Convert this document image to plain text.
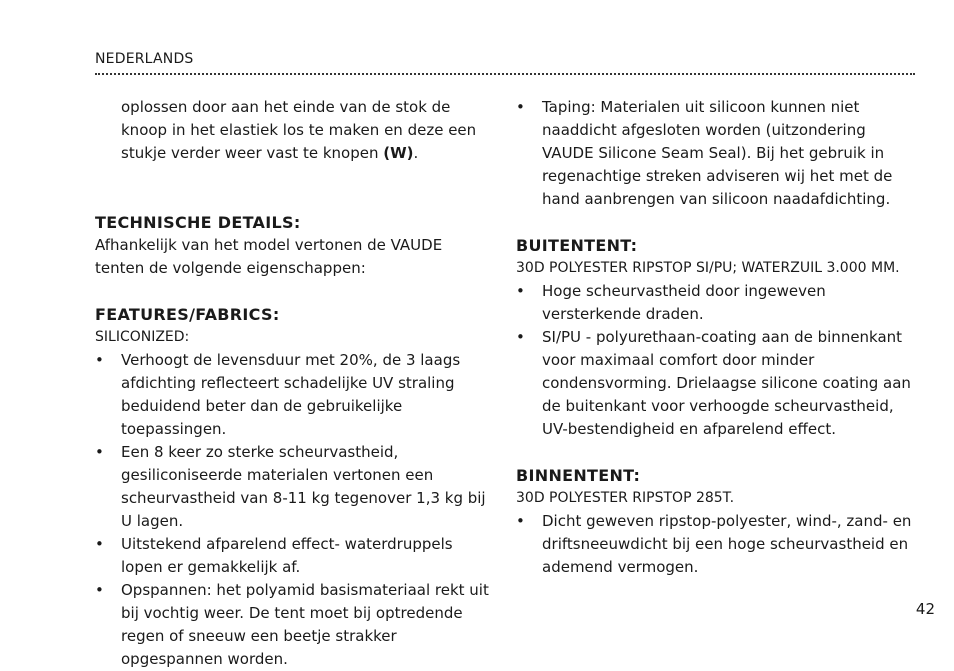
NEDERLANDS

oplossen door aan het einde van de stok de knoop in het elastiek los te maken en deze een stukje verder weer vast te knopen (W).

TECHNISCHE DETAILS:

Afhankelijk van het model vertonen de VAUDE tenten de volgende eigenschappen:

FEATURES/FABRICS:

SILICONIZED:

• Verhoogt de levensduur met 20%, de 3 laags afdichting reflecteert schadelijke UV straling beduidend beter dan de gebruikelijke toepassingen.
• Een 8 keer zo sterke scheurvastheid, gesiliconiseerde materialen vertonen een scheurvastheid van 8-11 kg tegenover 1,3 kg bij U lagen.
• Uitstekend afparelend effect- waterdruppels lopen er gemakkelijk af.
• Opspannen: het polyamid basismateriaal rekt uit bij vochtig weer. De tent moet bij optredende regen of sneeuw een beetje strakker opgespannen worden.
• Taping: Materialen uit silicoon kunnen niet naaddicht afgesloten worden (uitzondering VAUDE Silicone Seam Seal). Bij het gebruik in regenachtige streken adviseren wij het met de hand aanbrengen van silicoon naadafdichting.

BUITENTENT:

30D POLYESTER RIPSTOP SI/PU; WATERZUIL 3.000 MM.

• Hoge scheurvastheid door ingeweven versterkende draden.
• SI/PU - polyurethaan-coating aan de binnenkant voor maximaal comfort door minder condensvorming. Drielaagse silicone coating aan de buitenkant voor verhoogde scheurvastheid, UV-bestendigheid en afparelend effect.

BINNENTENT:

30D POLYESTER RIPSTOP 285T.

• Dicht geweven ripstop-polyester, wind-, zand- en driftsneeuwdicht bij een hoge scheurvastheid en ademend vermogen.
42
